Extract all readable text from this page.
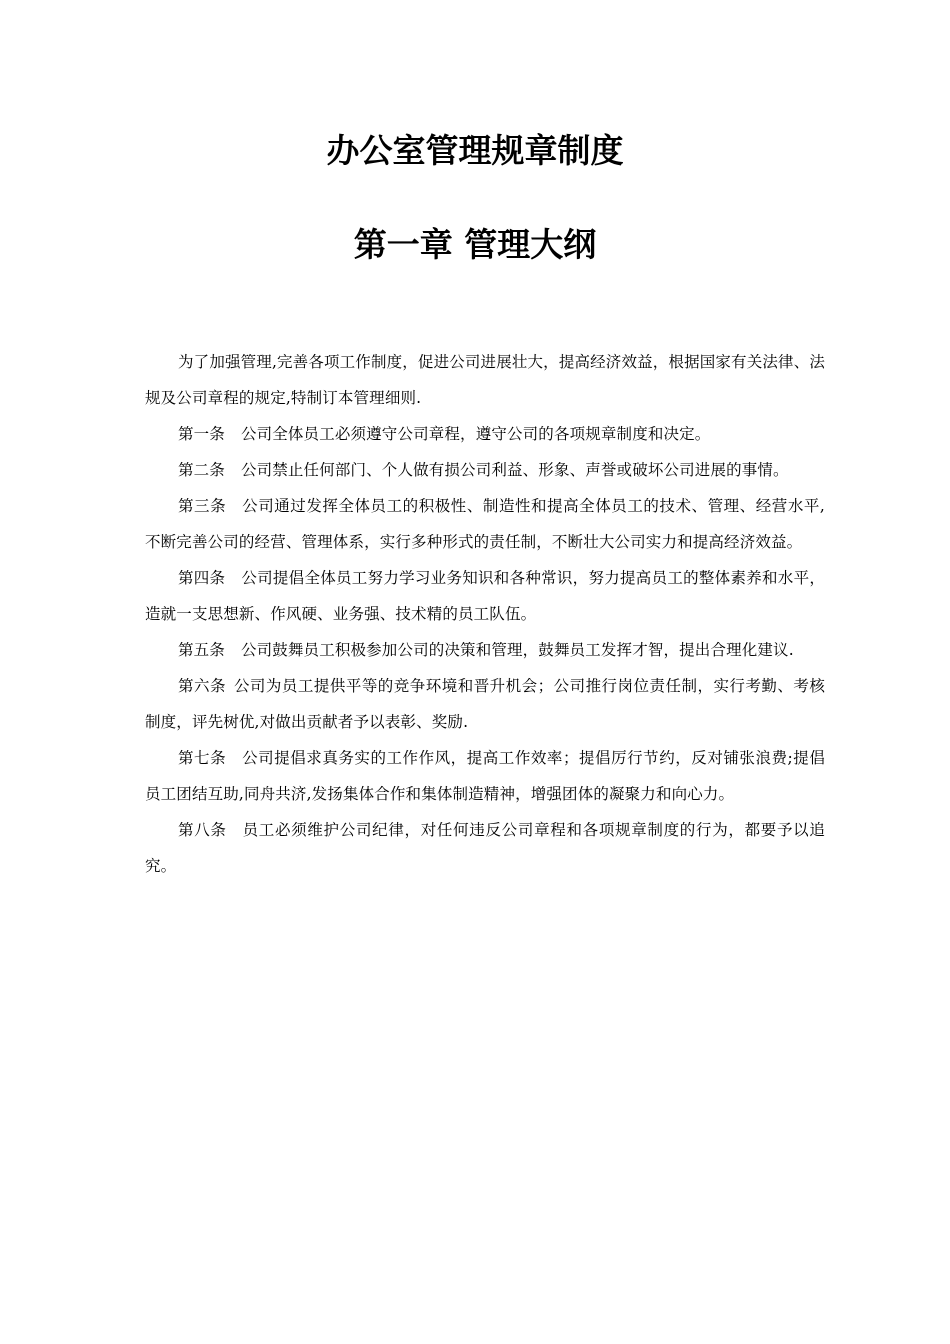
办公室管理规章制度
第一章 管理大纲

为了加强管理,完善各项工作制度，促进公司进展壮大，提高经济效益，根据国家有关法律、法规及公司章程的规定,特制订本管理细则.

第一条 公司全体员工必须遵守公司章程，遵守公司的各项规章制度和决定。

第二条 公司禁止任何部门、个人做有损公司利益、形象、声誉或破坏公司进展的事情。

第三条 公司通过发挥全体员工的积极性、制造性和提高全体员工的技术、管理、经营水平,不断完善公司的经营、管理体系，实行多种形式的责任制，不断壮大公司实力和提高经济效益。

第四条 公司提倡全体员工努力学习业务知识和各种常识，努力提高员工的整体素养和水平，造就一支思想新、作风硬、业务强、技术精的员工队伍。

第五条 公司鼓舞员工积极参加公司的决策和管理，鼓舞员工发挥才智，提出合理化建议.

第六条 公司为员工提供平等的竞争环境和晋升机会；公司推行岗位责任制，实行考勤、考核制度，评先树优,对做出贡献者予以表彰、奖励.

第七条 公司提倡求真务实的工作作风，提高工作效率；提倡厉行节约，反对铺张浪费;提倡员工团结互助,同舟共济,发扬集体合作和集体制造精神，增强团体的凝聚力和向心力。

第八条 员工必须维护公司纪律，对任何违反公司章程和各项规章制度的行为，都要予以追究。
